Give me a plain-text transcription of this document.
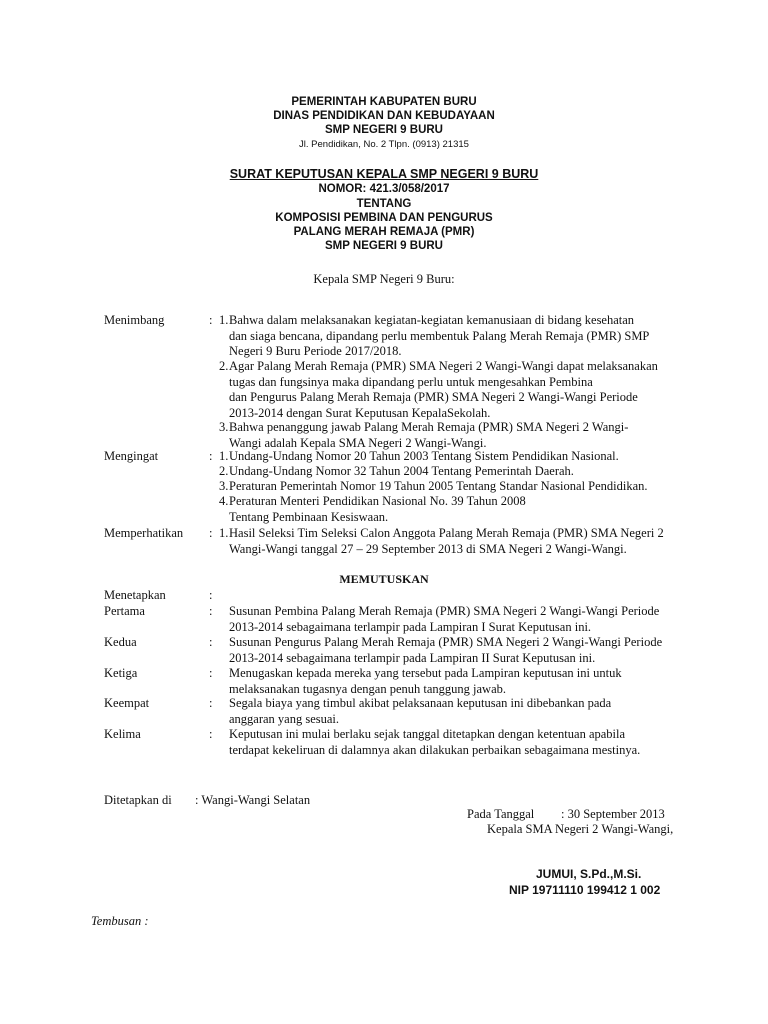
PEMERINTAH KABUPATEN BURU
DINAS PENDIDIKAN DAN KEBUDAYAAN
SMP NEGERI 9 BURU
Jl. Pendidikan, No. 2 Tlpn. (0913) 21315
SURAT KEPUTUSAN KEPALA SMP NEGERI 9 BURU
NOMOR: 421.3/058/2017
TENTANG
KOMPOSISI PEMBINA DAN PENGURUS
PALANG MERAH REMAJA (PMR)
SMP NEGERI 9 BURU
Kepala SMP Negeri 9 Buru:
Menimbang	: 1. Bahwa dalam melaksanakan kegiatan-kegiatan kemanusiaan di bidang kesehatan
dan siaga bencana, dipandang perlu membentuk Palang Merah Remaja (PMR) SMP
Negeri 9 Buru Periode 2017/2018.
2. Agar Palang Merah Remaja (PMR) SMA Negeri 2 Wangi-Wangi dapat melaksanakan
tugas dan fungsinya maka dipandang perlu untuk mengesahkan Pembina
dan Pengurus Palang Merah Remaja (PMR) SMA Negeri 2 Wangi-Wangi Periode
2013-2014 dengan Surat Keputusan KepalaSekolah.
3. Bahwa penanggung jawab Palang Merah Remaja (PMR) SMA Negeri 2 Wangi-
Wangi adalah Kepala SMA Negeri 2 Wangi-Wangi.
Mengingat	: 1. Undang-Undang Nomor 20 Tahun 2003 Tentang Sistem Pendidikan Nasional.
2. Undang-Undang Nomor 32 Tahun 2004 Tentang Pemerintah Daerah.
3. Peraturan Pemerintah Nomor 19 Tahun 2005 Tentang Standar Nasional Pendidikan.
4. Peraturan Menteri Pendidikan Nasional No. 39 Tahun 2008
Tentang Pembinaan Kesiswaan.
Memperhatikan : 1. Hasil Seleksi Tim Seleksi Calon Anggota Palang Merah Remaja (PMR) SMA Negeri 2
Wangi-Wangi tanggal 27 – 29 September 2013 di SMA Negeri 2 Wangi-Wangi.
MEMUTUSKAN
Menetapkan	:
Pertama	: Susunan Pembina Palang Merah Remaja (PMR) SMA Negeri 2 Wangi-Wangi Periode
2013-2014 sebagaimana terlampir pada Lampiran I Surat Keputusan ini.
Kedua	: Susunan Pengurus Palang Merah Remaja (PMR) SMA Negeri 2 Wangi-Wangi Periode
2013-2014 sebagaimana terlampir pada Lampiran II Surat Keputusan ini.
Ketiga	: Menugaskan kepada mereka yang tersebut pada Lampiran keputusan ini untuk
melaksanakan tugasnya dengan penuh tanggung jawab.
Keempat	: Segala biaya yang timbul akibat pelaksanaan keputusan ini dibebankan pada
anggaran yang sesuai.
Kelima	: Keputusan ini mulai berlaku sejak tanggal ditetapkan dengan ketentuan apabila
terdapat kekeliruan di dalamnya akan dilakukan perbaikan sebagaimana mestinya.
Ditetapkan di : Wangi-Wangi Selatan
Pada Tanggal : 30 September 2013
Kepala SMA Negeri 2 Wangi-Wangi,
JUMUI, S.Pd.,M.Si.
NIP 19711110 199412 1 002
Tembusan :
